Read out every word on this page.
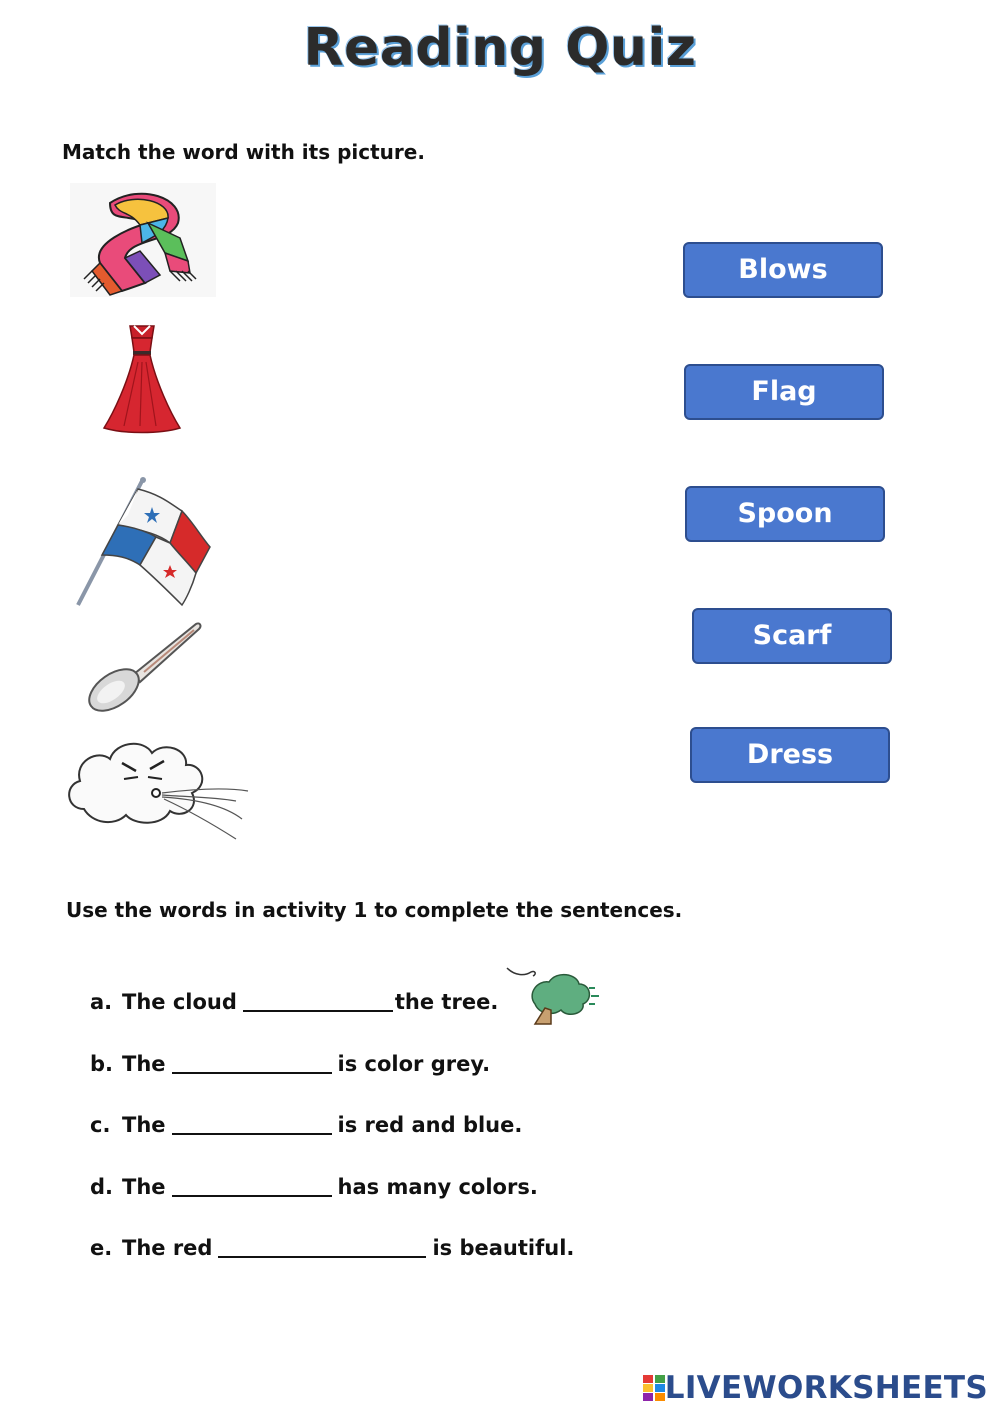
Reading Quiz
Match the word with its picture.
Blows
Flag
Spoon
Scarf
Dress
Use the words in activity 1 to complete the sentences.
a. The cloud	the tree.
b. The	is color grey.
c. The	is red and blue.
d. The	has many colors.
e. The red	is beautiful.
LIVEWORKSHEETS
